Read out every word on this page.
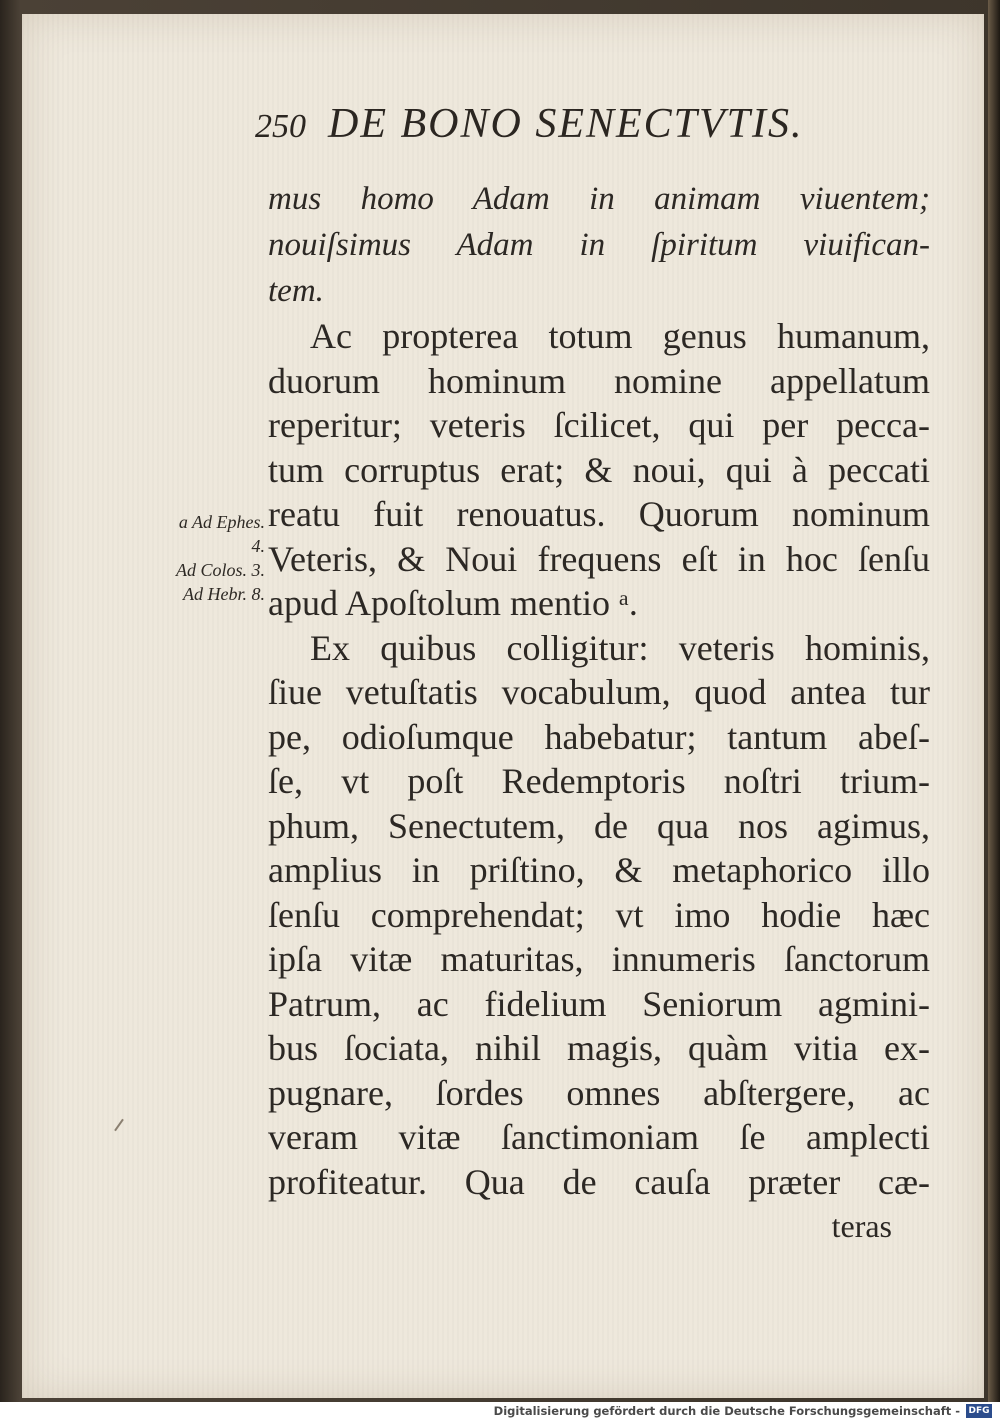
250 DE BONO SENECTVTIS.
a Ad Ephes.
4.
Ad Colos. 3.
Ad Hebr. 8.
mus homo Adam in animam viuentem;
nouiſsimus Adam in ſpiritum viuifican-
tem.
Ac propterea totum genus humanum,
duorum hominum nomine appellatum
reperitur; veteris ſcilicet, qui per pecca-
tum corruptus erat; & noui, qui à peccati
reatu fuit renouatus. Quorum nominum
Veteris, & Noui frequens eſt in hoc ſenſu
apud Apoſtolum mentio ᵃ.
Ex quibus colligitur: veteris hominis,
ſiue vetuſtatis vocabulum, quod antea tur
pe, odioſumque habebatur; tantum abeſ-
ſe, vt poſt Redemptoris noſtri trium-
phum, Senectutem, de qua nos agimus,
amplius in priſtino, & metaphorico illo
ſenſu comprehendat; vt imo hodie hæc
ipſa vitæ maturitas, innumeris ſanctorum
Patrum, ac fidelium Seniorum agmini-
bus ſociata, nihil magis, quàm vitia ex-
pugnare, ſordes omnes abſtergere, ac
veram vitæ ſanctimoniam ſe amplecti
profiteatur. Qua de cauſa præter cæ-
teras
Digitalisierung gefördert durch die Deutsche Forschungsgemeinschaft - DFG
